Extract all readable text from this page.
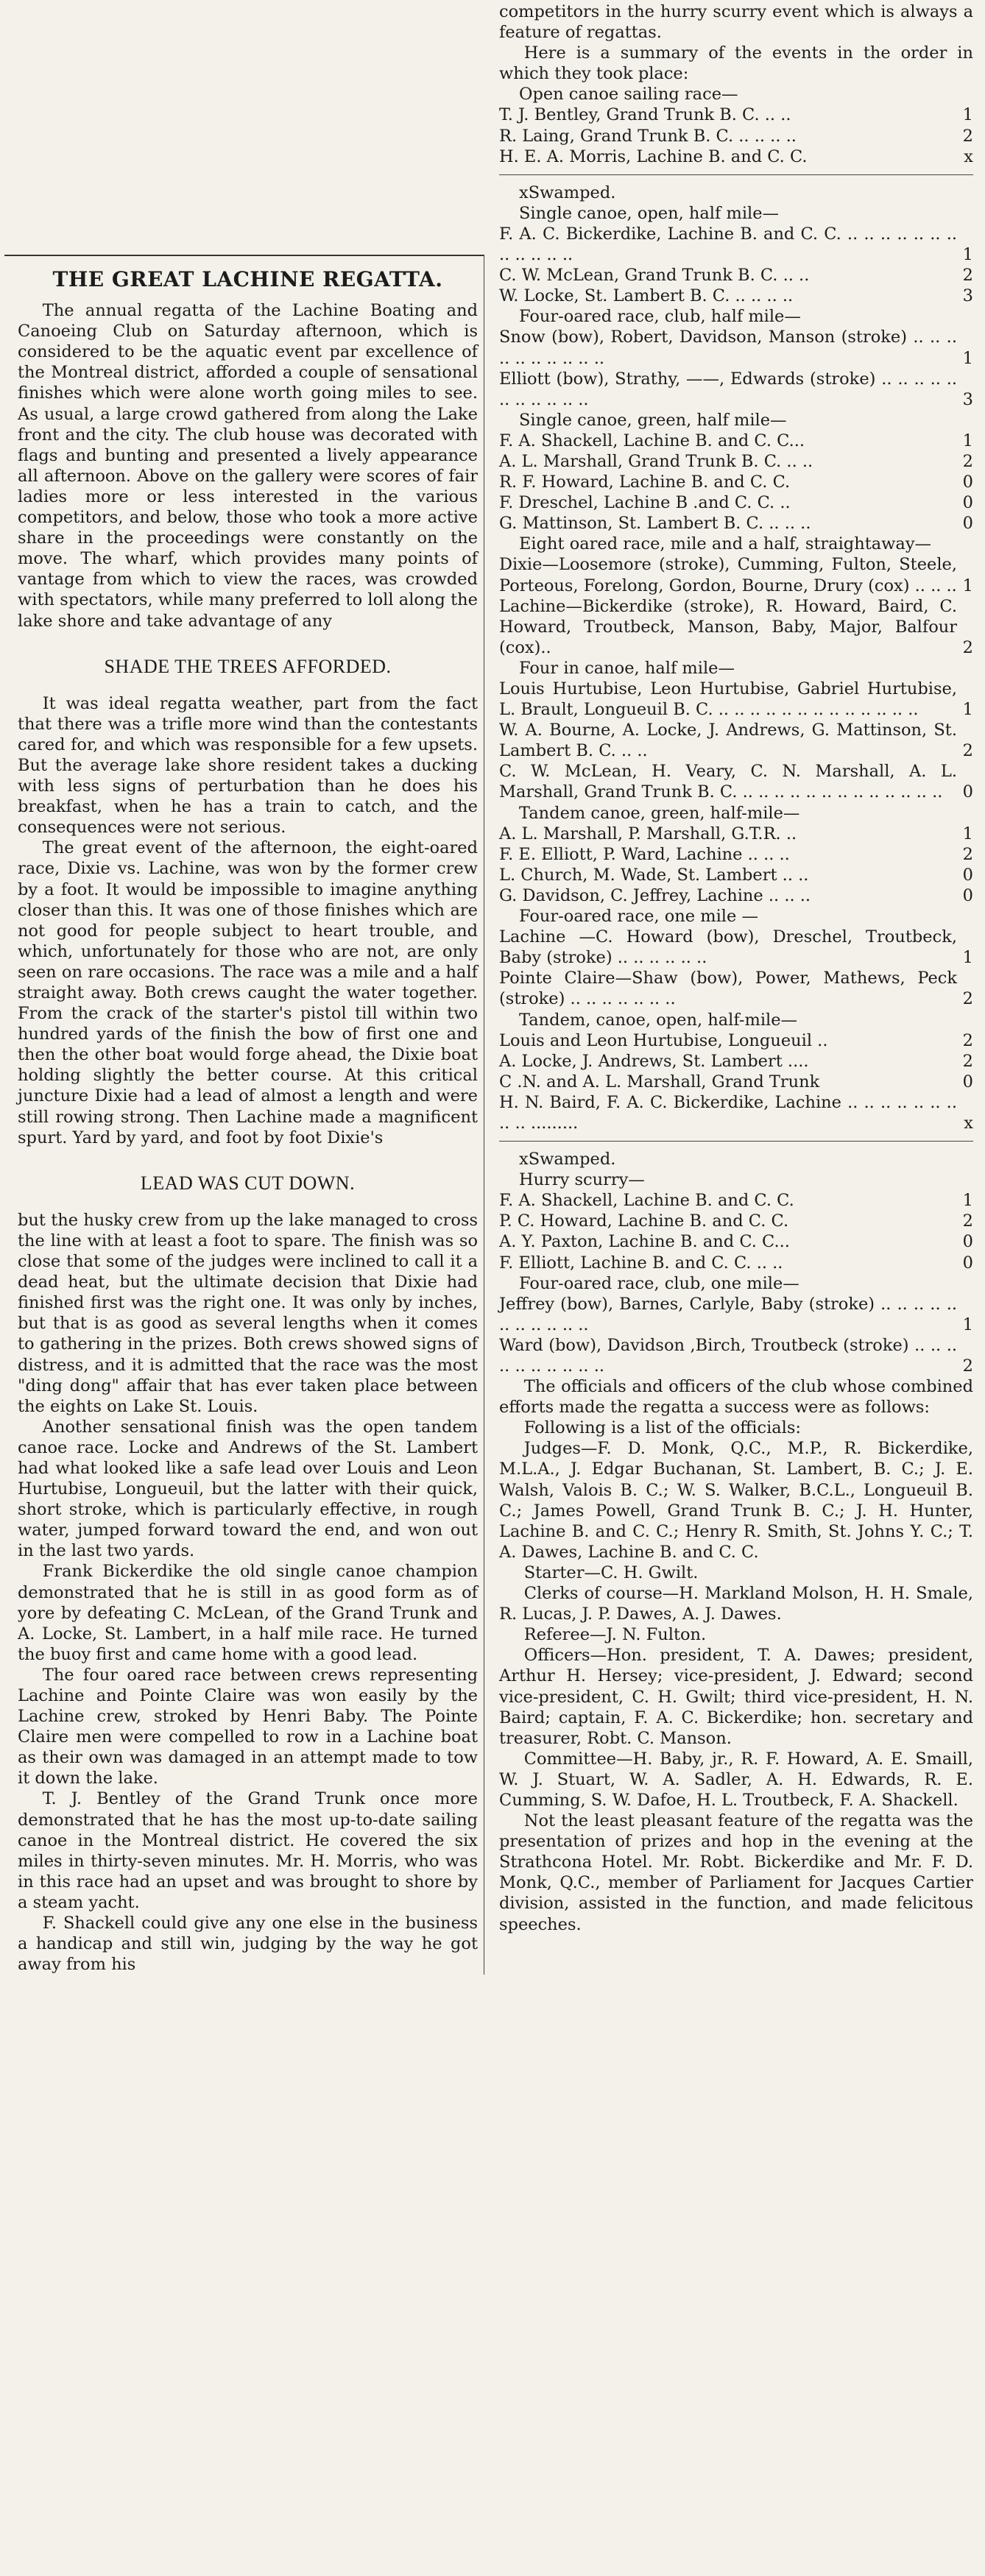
THE GREAT LACHINE REGATTA.

The annual regatta of the Lachine Boating and Canoeing Club on Saturday afternoon, which is considered to be the aquatic event par excellence of the Montreal district, afforded a couple of sensational finishes which were alone worth going miles to see. As usual, a large crowd gathered from along the Lake front and the city. The club house was decorated with flags and bunting and presented a lively appearance all afternoon. Above on the gallery were scores of fair ladies more or less interested in the various competitors, and below, those who took a more active share in the proceedings were constantly on the move. The wharf, which provides many points of vantage from which to view the races, was crowded with spectators, while many preferred to loll along the lake shore and take advantage of any

SHADE THE TREES AFFORDED.

It was ideal regatta weather, part from the fact that there was a trifle more wind than the contestants cared for, and which was responsible for a few upsets. But the average lake shore resident takes a ducking with less signs of perturbation than he does his breakfast, when he has a train to catch, and the consequences were not serious.

The great event of the afternoon, the eight-oared race, Dixie vs. Lachine, was won by the former crew by a foot. It would be impossible to imagine anything closer than this. It was one of those finishes which are not good for people subject to heart trouble, and which, unfortunately for those who are not, are only seen on rare occasions. The race was a mile and a half straight away. Both crews caught the water together. From the crack of the starter's pistol till within two hundred yards of the finish the bow of first one and then the other boat would forge ahead, the Dixie boat holding slightly the better course. At this critical juncture Dixie had a lead of almost a length and were still rowing strong. Then Lachine made a magnificent spurt. Yard by yard, and foot by foot Dixie's

LEAD WAS CUT DOWN.

but the husky crew from up the lake managed to cross the line with at least a foot to spare. The finish was so close that some of the judges were inclined to call it a dead heat, but the ultimate decision that Dixie had finished first was the right one. It was only by inches, but that is as good as several lengths when it comes to gathering in the prizes. Both crews showed signs of distress, and it is admitted that the race was the most "ding dong" affair that has ever taken place between the eights on Lake St. Louis.

Another sensational finish was the open tandem canoe race. Locke and Andrews of the St. Lambert had what looked like a safe lead over Louis and Leon Hurtubise, Longueuil, but the latter with their quick, short stroke, which is particularly effective, in rough water, jumped forward toward the end, and won out in the last two yards.

Frank Bickerdike the old single canoe champion demonstrated that he is still in as good form as of yore by defeating C. McLean, of the Grand Trunk and A. Locke, St. Lambert, in a half mile race. He turned the buoy first and came home with a good lead.

The four oared race between crews representing Lachine and Pointe Claire was won easily by the Lachine crew, stroked by Henri Baby. The Pointe Claire men were compelled to row in a Lachine boat as their own was damaged in an attempt made to tow it down the lake.

T. J. Bentley of the Grand Trunk once more demonstrated that he has the most up-to-date sailing canoe in the Montreal district. He covered the six miles in thirty-seven minutes. Mr. H. Morris, who was in this race had an upset and was brought to shore by a steam yacht.

F. Shackell could give any one else in the business a handicap and still win, judging by the way he got away from his

competitors in the hurry scurry event which is always a feature of regattas.

Here is a summary of the events in the order in which they took place:

Open canoe sailing race—
T. J. Bentley, Grand Trunk B. C. .. ..	1
R. Laing, Grand Trunk B. C. .. .. .. ..	2
H. E. A. Morris, Lachine B. and C. C.	x
xSwamped.
Single canoe, open, half mile—
F. A. C. Bickerdike, Lachine B. and C. C. .. .. .. .. .. .. .. .. .. .. .. ..	1
C. W. McLean, Grand Trunk B. C. .. ..	2
W. Locke, St. Lambert B. C. .. .. .. ..	3
Four-oared race, club, half mile—
Snow (bow), Robert, Davidson, Manson (stroke) .. .. .. .. .. .. .. .. .. ..	1
Elliott (bow), Strathy, ——, Edwards (stroke) .. .. .. .. .. .. .. .. .. .. ..	3
Single canoe, green, half mile—
F. A. Shackell, Lachine B. and C. C...	1
A. L. Marshall, Grand Trunk B. C. .. ..	2
R. F. Howard, Lachine B. and C. C.	0
F. Dreschel, Lachine B .and C. C. ..	0
G. Mattinson, St. Lambert B. C. .. .. ..	0
Eight oared race, mile and a half, straightaway—
Dixie—Loosemore (stroke), Cumming, Fulton, Steele, Porteous, Forelong, Gordon, Bourne, Drury (cox) .. .. .. 1
Lachine—Bickerdike (stroke), R. Howard, Baird, C. Howard, Troutbeck, Manson, Baby, Major, Balfour (cox)..	2
Four in canoe, half mile—
Louis Hurtubise, Leon Hurtubise, Gabriel Hurtubise, L. Brault, Longueuil B. C. .. .. .. .. .. .. .. .. .. .. .. .. ..	1
W. A. Bourne, A. Locke, J. Andrews, G. Mattinson, St. Lambert B. C. .. ..	2
C. W. McLean, H. Veary, C. N. Marshall, A. L. Marshall, Grand Trunk B. C. .. .. .. .. .. .. .. .. .. .. .. .. ..	0
Tandem canoe, green, half-mile—
A. L. Marshall, P. Marshall, G.T.R. ..	1
F. E. Elliott, P. Ward, Lachine .. .. ..	2
L. Church, M. Wade, St. Lambert .. ..	0
G. Davidson, C. Jeffrey, Lachine .. .. ..	0
Four-oared race, one mile —
Lachine —C. Howard (bow), Dreschel, Troutbeck, Baby (stroke) .. .. .. .. .. ..	1
Pointe Claire—Shaw (bow), Power, Mathews, Peck (stroke) .. .. .. .. .. .. ..	2
Tandem, canoe, open, half-mile—
Louis and Leon Hurtubise, Longueuil ..	2
A. Locke, J. Andrews, St. Lambert ....	2
C .N. and A. L. Marshall, Grand Trunk	0
H. N. Baird, F. A. C. Bickerdike, Lachine .. .. .. .. .. .. .. .. .. .........	x
xSwamped.
Hurry scurry—
F. A. Shackell, Lachine B. and C. C.	1
P. C. Howard, Lachine B. and C. C.	2
A. Y. Paxton, Lachine B. and C. C...	0
F. Elliott, Lachine B. and C. C. .. ..	0
Four-oared race, club, one mile—
Jeffrey (bow), Barnes, Carlyle, Baby (stroke) .. .. .. .. .. .. .. .. .. .. ..	1
Ward (bow), Davidson ,Birch, Troutbeck (stroke) .. .. .. .. .. .. .. .. .. ..	2

The officials and officers of the club whose combined efforts made the regatta a success were as follows:

Following is a list of the officials:

Judges—F. D. Monk, Q.C., M.P., R. Bickerdike, M.L.A., J. Edgar Buchanan, St. Lambert, B. C.; J. E. Walsh, Valois B. C.; W. S. Walker, B.C.L., Longueuil B. C.; James Powell, Grand Trunk B. C.; J. H. Hunter, Lachine B. and C. C.; Henry R. Smith, St. Johns Y. C.; T. A. Dawes, Lachine B. and C. C.

Starter—C. H. Gwilt.

Clerks of course—H. Markland Molson, H. H. Smale, R. Lucas, J. P. Dawes, A. J. Dawes.

Referee—J. N. Fulton.

Officers—Hon. president, T. A. Dawes; president, Arthur H. Hersey; vice-president, J. Edward; second vice-president, C. H. Gwilt; third vice-president, H. N. Baird; captain, F. A. C. Bickerdike; hon. secretary and treasurer, Robt. C. Manson.

Committee—H. Baby, jr., R. F. Howard, A. E. Smaill, W. J. Stuart, W. A. Sadler, A. H. Edwards, R. E. Cumming, S. W. Dafoe, H. L. Troutbeck, F. A. Shackell.

Not the least pleasant feature of the regatta was the presentation of prizes and hop in the evening at the Strathcona Hotel. Mr. Robt. Bickerdike and Mr. F. D. Monk, Q.C., member of Parliament for Jacques Cartier division, assisted in the function, and made felicitous speeches.
